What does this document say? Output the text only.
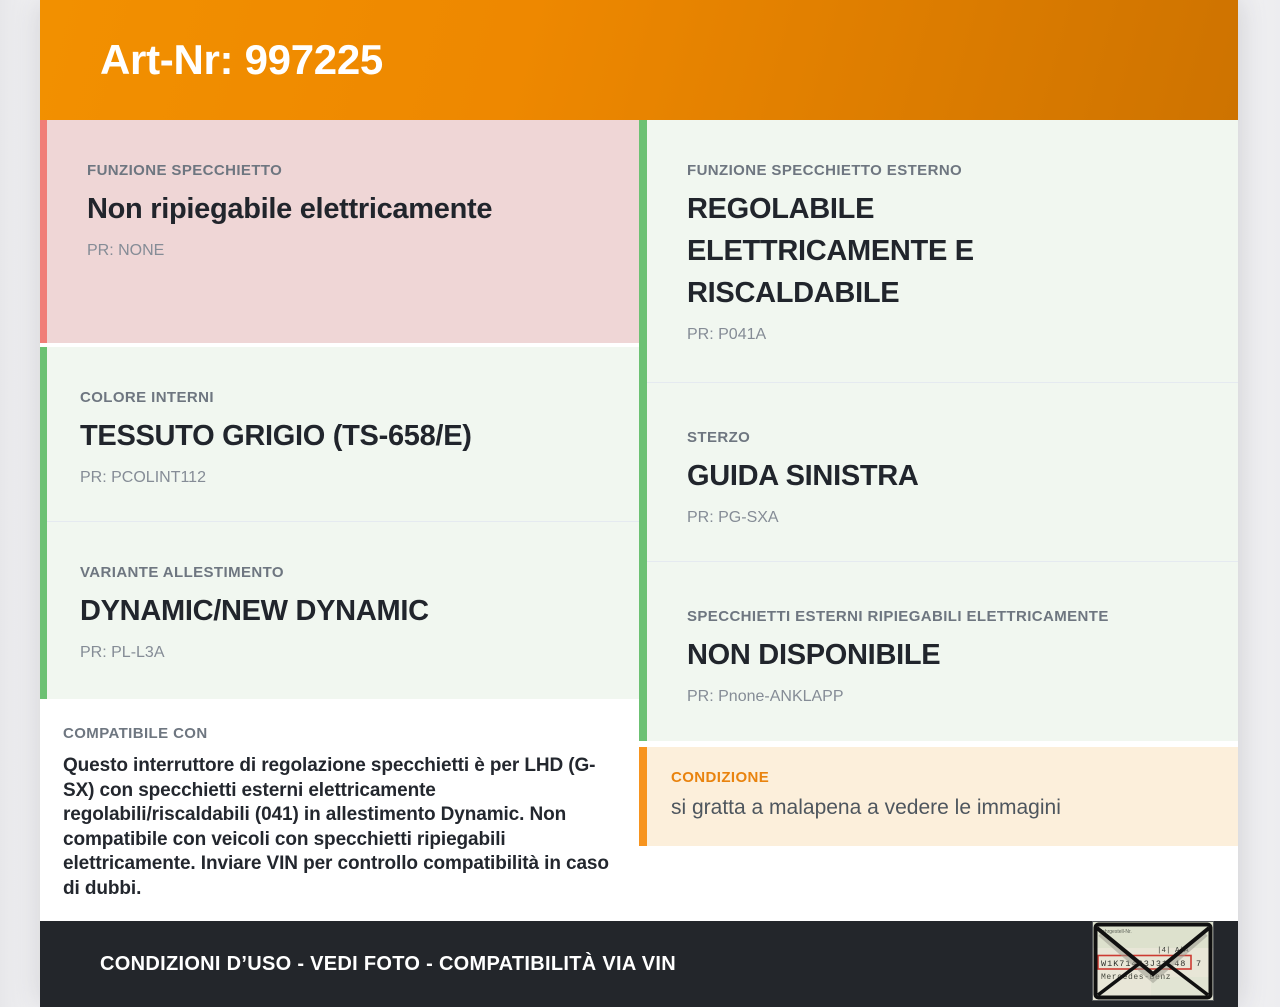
Art-Nr: 997225
FUNZIONE SPECCHIETTO
Non ripiegabile elettricamente
PR: NONE
COLORE INTERNI
TESSUTO GRIGIO (TS-658/E)
PR: PCOLINT112
VARIANTE ALLESTIMENTO
DYNAMIC/NEW DYNAMIC
PR: PL-L3A
COMPATIBILE CON
Questo interruttore di regolazione specchietti è per LHD (G-SX) con specchietti esterni elettricamente regolabili/riscaldabili (041) in allestimento Dynamic. Non compatibile con veicoli con specchietti ripiegabili elettricamente. Inviare VIN per controllo compatibilità in caso di dubbi.
FUNZIONE SPECCHIETTO ESTERNO
REGOLABILE ELETTRICAMENTE E RISCALDABILE
PR: P041A
STERZO
GUIDA SINISTRA
PR: PG-SXA
SPECCHIETTI ESTERNI RIPIEGABILI ELETTRICAMENTE
NON DISPONIBILE
PR: Pnone-ANKLAPP
CONDIZIONE
si gratta a malapena a vedere le immagini
CONDIZIONI D’USO - VEDI FOTO - COMPATIBILITÀ VIA VIN
Fahrgestell-Nr.
|4| A|A
W1K71463J31 48 7
Mercedes-Benz
